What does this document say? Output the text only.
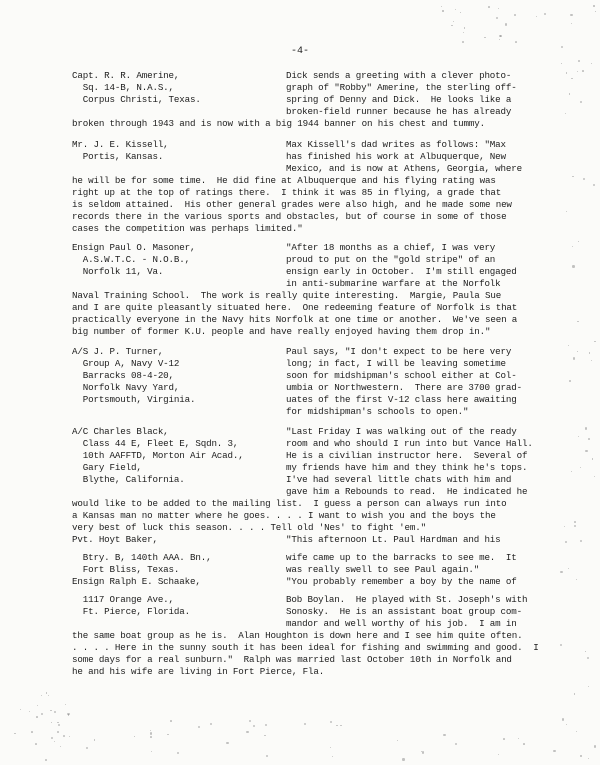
-4-
Capt. R. R. Amerine,	Dick sends a greeting with a clever photo-
Sq. 14-B, N.A.S.,	graph of "Robby" Amerine, the sterling off-
Corpus Christi, Texas.	spring of Denny and Dick.  He looks like a
broken-field runner because he has already
broken through 1943 and is now with a big 1944 banner on his chest and tummy.
Mr. J. E. Kissell,	Max Kissell's dad writes as follows: "Max
Portis, Kansas.	has finished his work at Albuquerque, New
Mexico, and is now at Athens, Georgia, where
he will be for some time.  He did fine at Albuquerque and his flying rating was
right up at the top of ratings there.  I think it was 85 in flying, a grade that
is seldom attained.  His other general grades were also high, and he made some new
records there in the various sports and obstacles, but of course in some of those
cases the competition was perhaps limited."
Ensign Paul O. Masoner,	"After 18 months as a chief, I was very
A.S.W.T.C. - N.O.B.,	proud to put on the "gold stripe" of an
Norfolk 11, Va.	ensign early in October.  I'm still engaged
in anti-submarine warfare at the Norfolk
Naval Training School.  The work is really quite interesting.  Margie, Paula Sue
and I are quite pleasantly situated here.  One redeeming feature of Norfolk is that
practically everyone in the Navy hits Norfolk at one time or another.  We've seen a
big number of former K.U. people and have really enjoyed having them drop in."
A/S J. P. Turner,	Paul says, "I don't expect to be here very
Group A, Navy V-12	long; in fact, I will be leaving sometime
Barracks 08-4-20,	soon for midshipman's school either at Col-
Norfolk Navy Yard,	umbia or Northwestern.  There are 3700 grad-
Portsmouth, Virginia.	uates of the first V-12 class here awaiting
for midshipman's schools to open."
A/C Charles Black,	"Last Friday I was walking out of the ready
Class 44 E, Fleet E, Sqdn. 3,	room and who should I run into but Vance Hall.
10th AAFFTD, Morton Air Acad.,	He is a civilian instructor here.  Several of
Gary Field,	my friends have him and they think he's tops.
Blythe, California.	I've had several little chats with him and
gave him a Rebounds to read.  He indicated he
would like to be added to the mailing list.  I guess a person can always run into
a Kansas man no matter where he goes. . . . I want to wish you and the boys the
very best of luck this season. . . . Tell old 'Nes' to fight 'em."
Pvt. Hoyt Baker,	"This afternoon Lt. Paul Hardman and his
Btry. B, 140th AAA. Bn.,	wife came up to the barracks to see me.  It
Fort Bliss, Texas.	was really swell to see Paul again."
Ensign Ralph E. Schaake,	"You probably remember a boy by the name of
1117 Orange Ave.,	Bob Boylan.  He played with St. Joseph's with
Ft. Pierce, Florida.	Sonosky.  He is an assistant boat group com-
mandor and well worthy of his job.  I am in
the same boat group as he is.  Alan Houghton is down here and I see him quite often.
. . . . Here in the sunny south it has been ideal for fishing and swimming and good.  I
some days for a real sunburn."  Ralph was married last October 10th in Norfolk and
he and his wife are living in Fort Pierce, Fla.
